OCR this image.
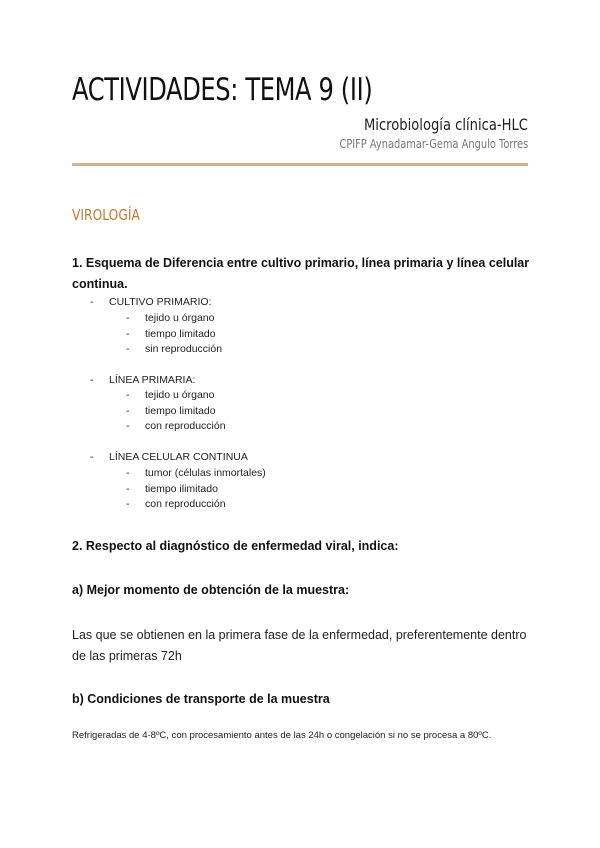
ACTIVIDADES: TEMA 9 (II)
Microbiología clínica-HLC
CPIFP Aynadamar-Gema Angulo Torres
VIROLOGÍA
1. Esquema de Diferencia entre cultivo primario, línea primaria y línea celular continua.
- CULTIVO PRIMARIO:
- tejido u órgano
- tiempo limitado
- sin reproducción
- LÍNEA PRIMARIA:
- tejido u órgano
- tiempo limitado
- con reproducción
- LÍNEA CELULAR CONTINUA
- tumor (células inmortales)
- tiempo ilimitado
- con reproducción
2. Respecto al diagnóstico de enfermedad viral, indica:
a) Mejor momento de obtención de la muestra:
Las que se obtienen en la primera fase de la enfermedad, preferentemente dentro de las primeras 72h
b) Condiciones de transporte de la muestra
Refrigeradas de 4-8ºC, con procesamiento antes de las 24h o congelación si no se procesa a 80ºC.
